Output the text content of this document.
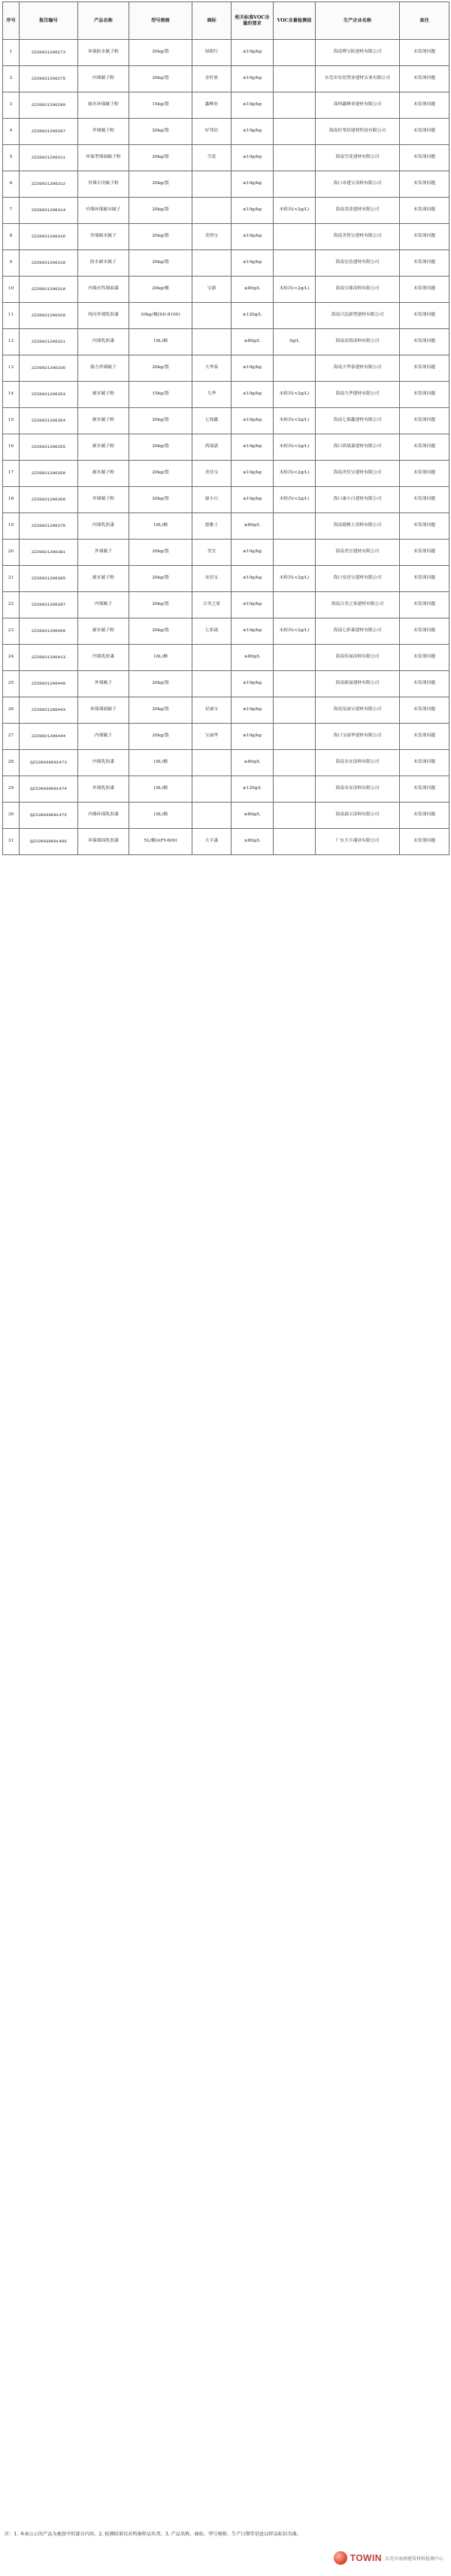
序号	报告编号	产品名称	型号规格	商标	相关标准VOC含量的要求	VOC含量检测值	生产企业名称	备注
1	2Z20021206273	环保防水腻子粉	20kg/袋	绿阳红	≤10g/kg		海南博宝防建材有限公司	未发现问题
2	2Z20021206275	内墙腻子粉	20kg/袋	金好家	≤10g/kg		东莞市安居置业建材实业有限公司	未发现问题
3	2Z20021206280	耐水环保腻子粉	15kg/袋	鑫峰业	≤10g/kg		深圳鑫峰业建材有限公司	未发现问题
4	2Z20021206287	外墙腻子粉	20kg/袋	好邻居	≤10g/kg		海南好邻居建材科技有限公司	未发现问题
5	2Z20021206311	环保型墙面腻子粉	20kg/袋	雪花	≤10g/kg		海南雪花建材有限公司	未发现问题
6	2Z20021206312	外墙专用腻子粉	20kg/袋		≤10g/kg		海口市建宝涂料有限公司	未发现问题
7	2Z20021206314	内墙环保耐水腻子	20kg/袋		≤10g/kg	未检出(<2g/L)	海南美涂建材有限公司	未发现问题
8	2Z20021206316	外墙耐水腻子	20kg/袋	美得宝	≤10g/kg		海南美得宝建材有限公司	未发现问题
9	2Z20021206318	防水耐水腻子	20kg/袋		≤10g/kg		海南宏达建材有限公司	未发现问题
10	2Z20021206319	内墙水性墙面漆	20kg/桶	宝鼎	≤80g/L	未检出(<2g/L)	海南宝鼎涂料有限公司	未发现问题
11	2Z20021206320	纯丙外墙乳胶漆	20kg/桶(XD-8100)		≤120g/L		海南兴达新型建材有限公司	未发现问题
12	2Z20021206321	内墙乳胶漆	18L/桶		≤80g/L	5g/L	海南金海涂料有限公司	未发现问题
13	2Z20021206336	强力外墙腻子	20kg/袋	大华泰	≤10g/kg		海南大华泰建材有限公司	未发现问题
14	2Z20021206353	耐水腻子粉	15kg/袋	九华	≤10g/kg	未检出(<2g/L)	海南九华建材有限公司	未发现问题
15	2Z20021206354	耐水腻子粉	20kg/袋	七保鑫	≤10g/kg	未检出(<2g/L)	海南七保鑫建材有限公司	未发现问题
16	2Z20021206355	耐水腻子粉	20kg/袋	鸿晟嘉	≤10g/kg	未检出(<2g/L)	海口鸿晟嘉建材有限公司	未发现问题
17	2Z20021206359	耐水腻子粉	20kg/袋	美佳宝	≤10g/kg	未检出(<2g/L)	海南美佳宝建材有限公司	未发现问题
18	2Z20021206360	外墙腻子粉	20kg/袋	康小白	≤10g/kg	未检出(<2g/L)	海口康小白建材有限公司	未发现问题
19	2Z20021206378	内墙乳胶漆	18L/桶	德雅士	≤80g/L		海南德雅士涂料有限公司	未发现问题
20	2Z20021206381	外墙腻子	20kg/袋	美宜	≤10g/kg		海南美宜建材有限公司	未发现问题
21	2Z20021206395	耐水腻子粉	20kg/袋	安居宝	≤10g/kg	未检出(<2g/L)	海口安居宝建材有限公司	未发现问题
22	2Z20021206397	内墙腻子	20kg/袋	合美之家	≤10g/kg		海南合美之家建材有限公司	未发现问题
23	2Z20021206400	耐水腻子粉	20kg/袋	七彩森	≤10g/kg	未检出(<2g/L)	海南七彩森建材有限公司	未发现问题
24	2Z20021206413	内墙乳胶漆	18L/桶		≤80g/L		海南佳丽涂料有限公司	未发现问题
25	2Z20021206440	外墙腻子	20kg/袋		≤10g/kg		海南新丽建材有限公司	未发现问题
26	2Z20021206443	环保墙面腻子	20kg/袋	星丽宝	≤10g/kg		海南星丽宝建材有限公司	未发现问题
27	2Z20021206444	内墙腻子	20kg/袋	宝丽华	≤10g/kg		海口宝丽华建材有限公司	未发现问题
28	QZ220039001473	内墙乳胶漆	18L/桶		≤80g/L		海南永安涂料有限公司	未发现问题
29	QZ220039001474	外墙乳胶漆	18L/桶		≤120g/L		海南永安涂料有限公司	未发现问题
30	QZ220039001475	内墙环保乳胶漆	18L/桶		≤80g/L		海南森宝涂料有限公司	未发现问题
31	QZ220039001486	环保墙面乳胶漆	5L/桶(AFY-600)	大丰漆	≤80g/L		广东大丰漆业有限公司	未发现问题
注：1. 本表公示的产品为抽查中的部分内容。2. 检测结果仅对所抽样品负责。3. 产品名称、商标、型号规格、生产日期等信息以样品标识为准。
TOWIN 东莞市海洲建筑材料检测中心
